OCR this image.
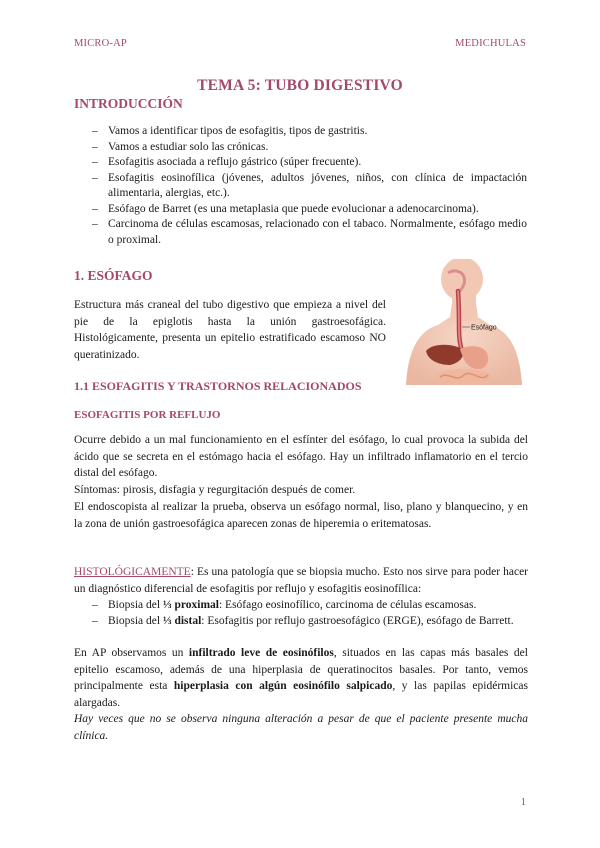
MICRO-AP	MEDICHULAS
TEMA 5: TUBO DIGESTIVO
INTRODUCCIÓN
– Vamos a identificar tipos de esofagitis, tipos de gastritis.
– Vamos a estudiar solo las crónicas.
– Esofagitis asociada a reflujo gástrico (súper frecuente).
– Esofagitis eosinofílica (jóvenes, adultos jóvenes, niños, con clínica de impactación alimentaria, alergias, etc.).
– Esófago de Barret (es una metaplasia que puede evolucionar a adenocarcinoma).
– Carcinoma de células escamosas, relacionado con el tabaco. Normalmente, esófago medio o proximal.
1. ESÓFAGO

Estructura más craneal del tubo digestivo que empieza a nivel del pie de la epiglotis hasta la unión gastroesofágica. Histológicamente, presenta un epitelio estratificado escamoso NO queratinizado.

Esófago
1.1 ESOFAGITIS Y TRASTORNOS RELACIONADOS
ESOFAGITIS POR REFLUJO

Ocurre debido a un mal funcionamiento en el esfínter del esófago, lo cual provoca la subida del ácido que se secreta en el estómago hacia el esófago. Hay un infiltrado inflamatorio en el tercio distal del esófago.

Síntomas: pirosis, disfagia y regurgitación después de comer.

El endoscopista al realizar la prueba, observa un esófago normal, liso, plano y blanquecino, y en la zona de unión gastroesofágica aparecen zonas de hiperemia o eritematosas.

HISTOLÓGICAMENTE: Es una patología que se biopsia mucho. Esto nos sirve para poder hacer un diagnóstico diferencial de esofagitis por reflujo y esofagitis eosinofílica:

– Biopsia del ⅓ proximal: Esófago eosinofílico, carcinoma de células escamosas.
– Biopsia del ⅓ distal: Esofagitis por reflujo gastroesofágico (ERGE), esófago de Barrett.

En AP observamos un infiltrado leve de eosinófilos, situados en las capas más basales del epitelio escamoso, además de una hiperplasia de queratinocitos basales. Por tanto, vemos principalmente esta hiperplasia con algún eosinófilo salpicado, y las papilas epidérmicas alargadas.

Hay veces que no se observa ninguna alteración a pesar de que el paciente presente mucha clínica.

1
